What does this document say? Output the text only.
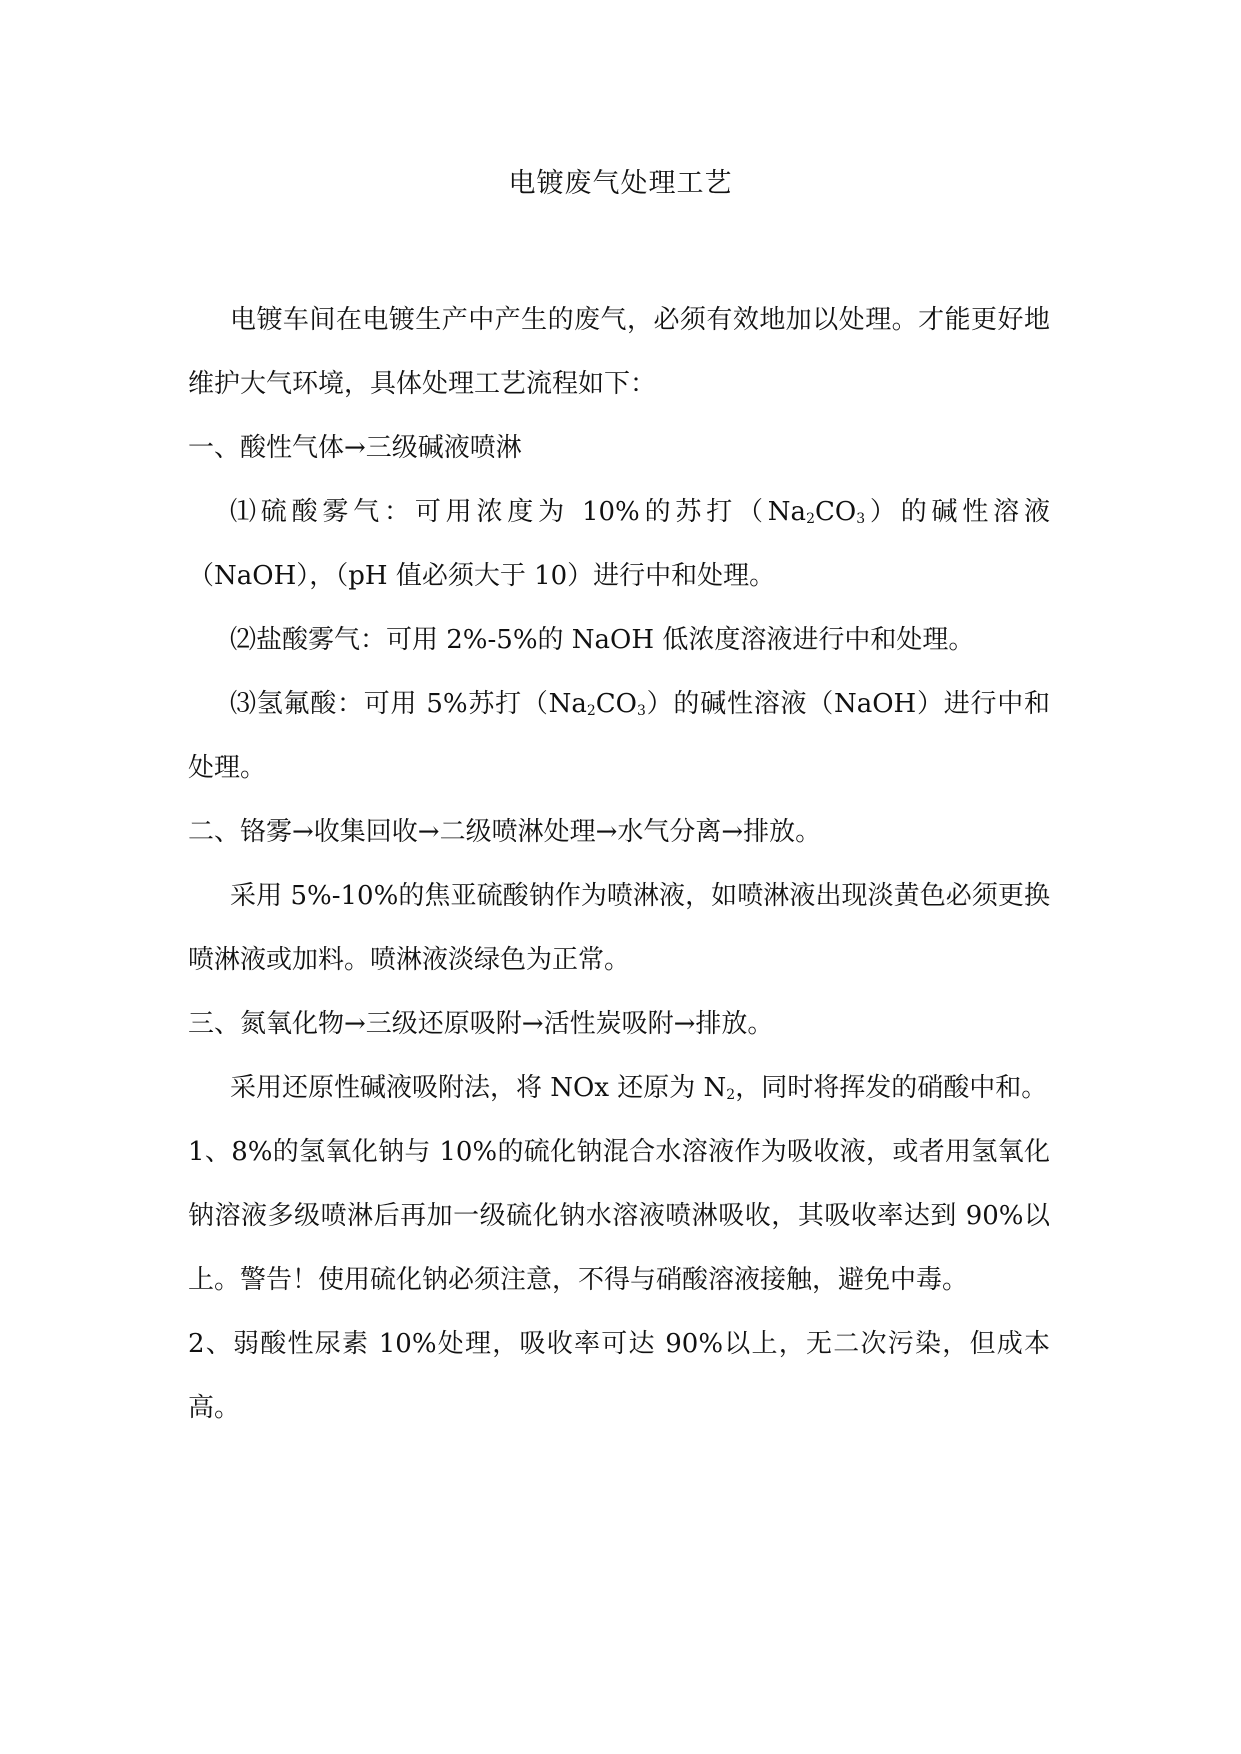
电镀废气处理工艺

电镀车间在电镀生产中产生的废气，必须有效地加以处理。才能更好地维护大气环境，具体处理工艺流程如下：

一、酸性气体→三级碱液喷淋

⑴硫酸雾气：可用浓度为 10%的苏打$(Na_2CO_3)$的碱性溶液（NaOH），（pH 值必须大于 10）进行中和处理。

⑵盐酸雾气：可用 2%-5%的 NaOH 低浓度溶液进行中和处理。

⑶氢氟酸：可用 5%苏打$(Na_2CO_3)$的碱性溶液（NaOH）进行中和处理。

二、铬雾→收集回收→二级喷淋处理→水气分离→排放。

采用 5%-10%的焦亚硫酸钠作为喷淋液，如喷淋液出现淡黄色必须更换喷淋液或加料。喷淋液淡绿色为正常。

三、氮氧化物→三级还原吸附→活性炭吸附→排放。

采用还原性碱液吸附法，将 NOx 还原为 $N_2$，同时将挥发的硝酸中和。

1、8%的氢氧化钠与 10%的硫化钠混合水溶液作为吸收液，或者用氢氧化钠溶液多级喷淋后再加一级硫化钠水溶液喷淋吸收，其吸收率达到 90%以上。警告！使用硫化钠必须注意，不得与硝酸溶液接触，避免中毒。

2、弱酸性尿素 10%处理，吸收率可达 90%以上，无二次污染，但成本高。
